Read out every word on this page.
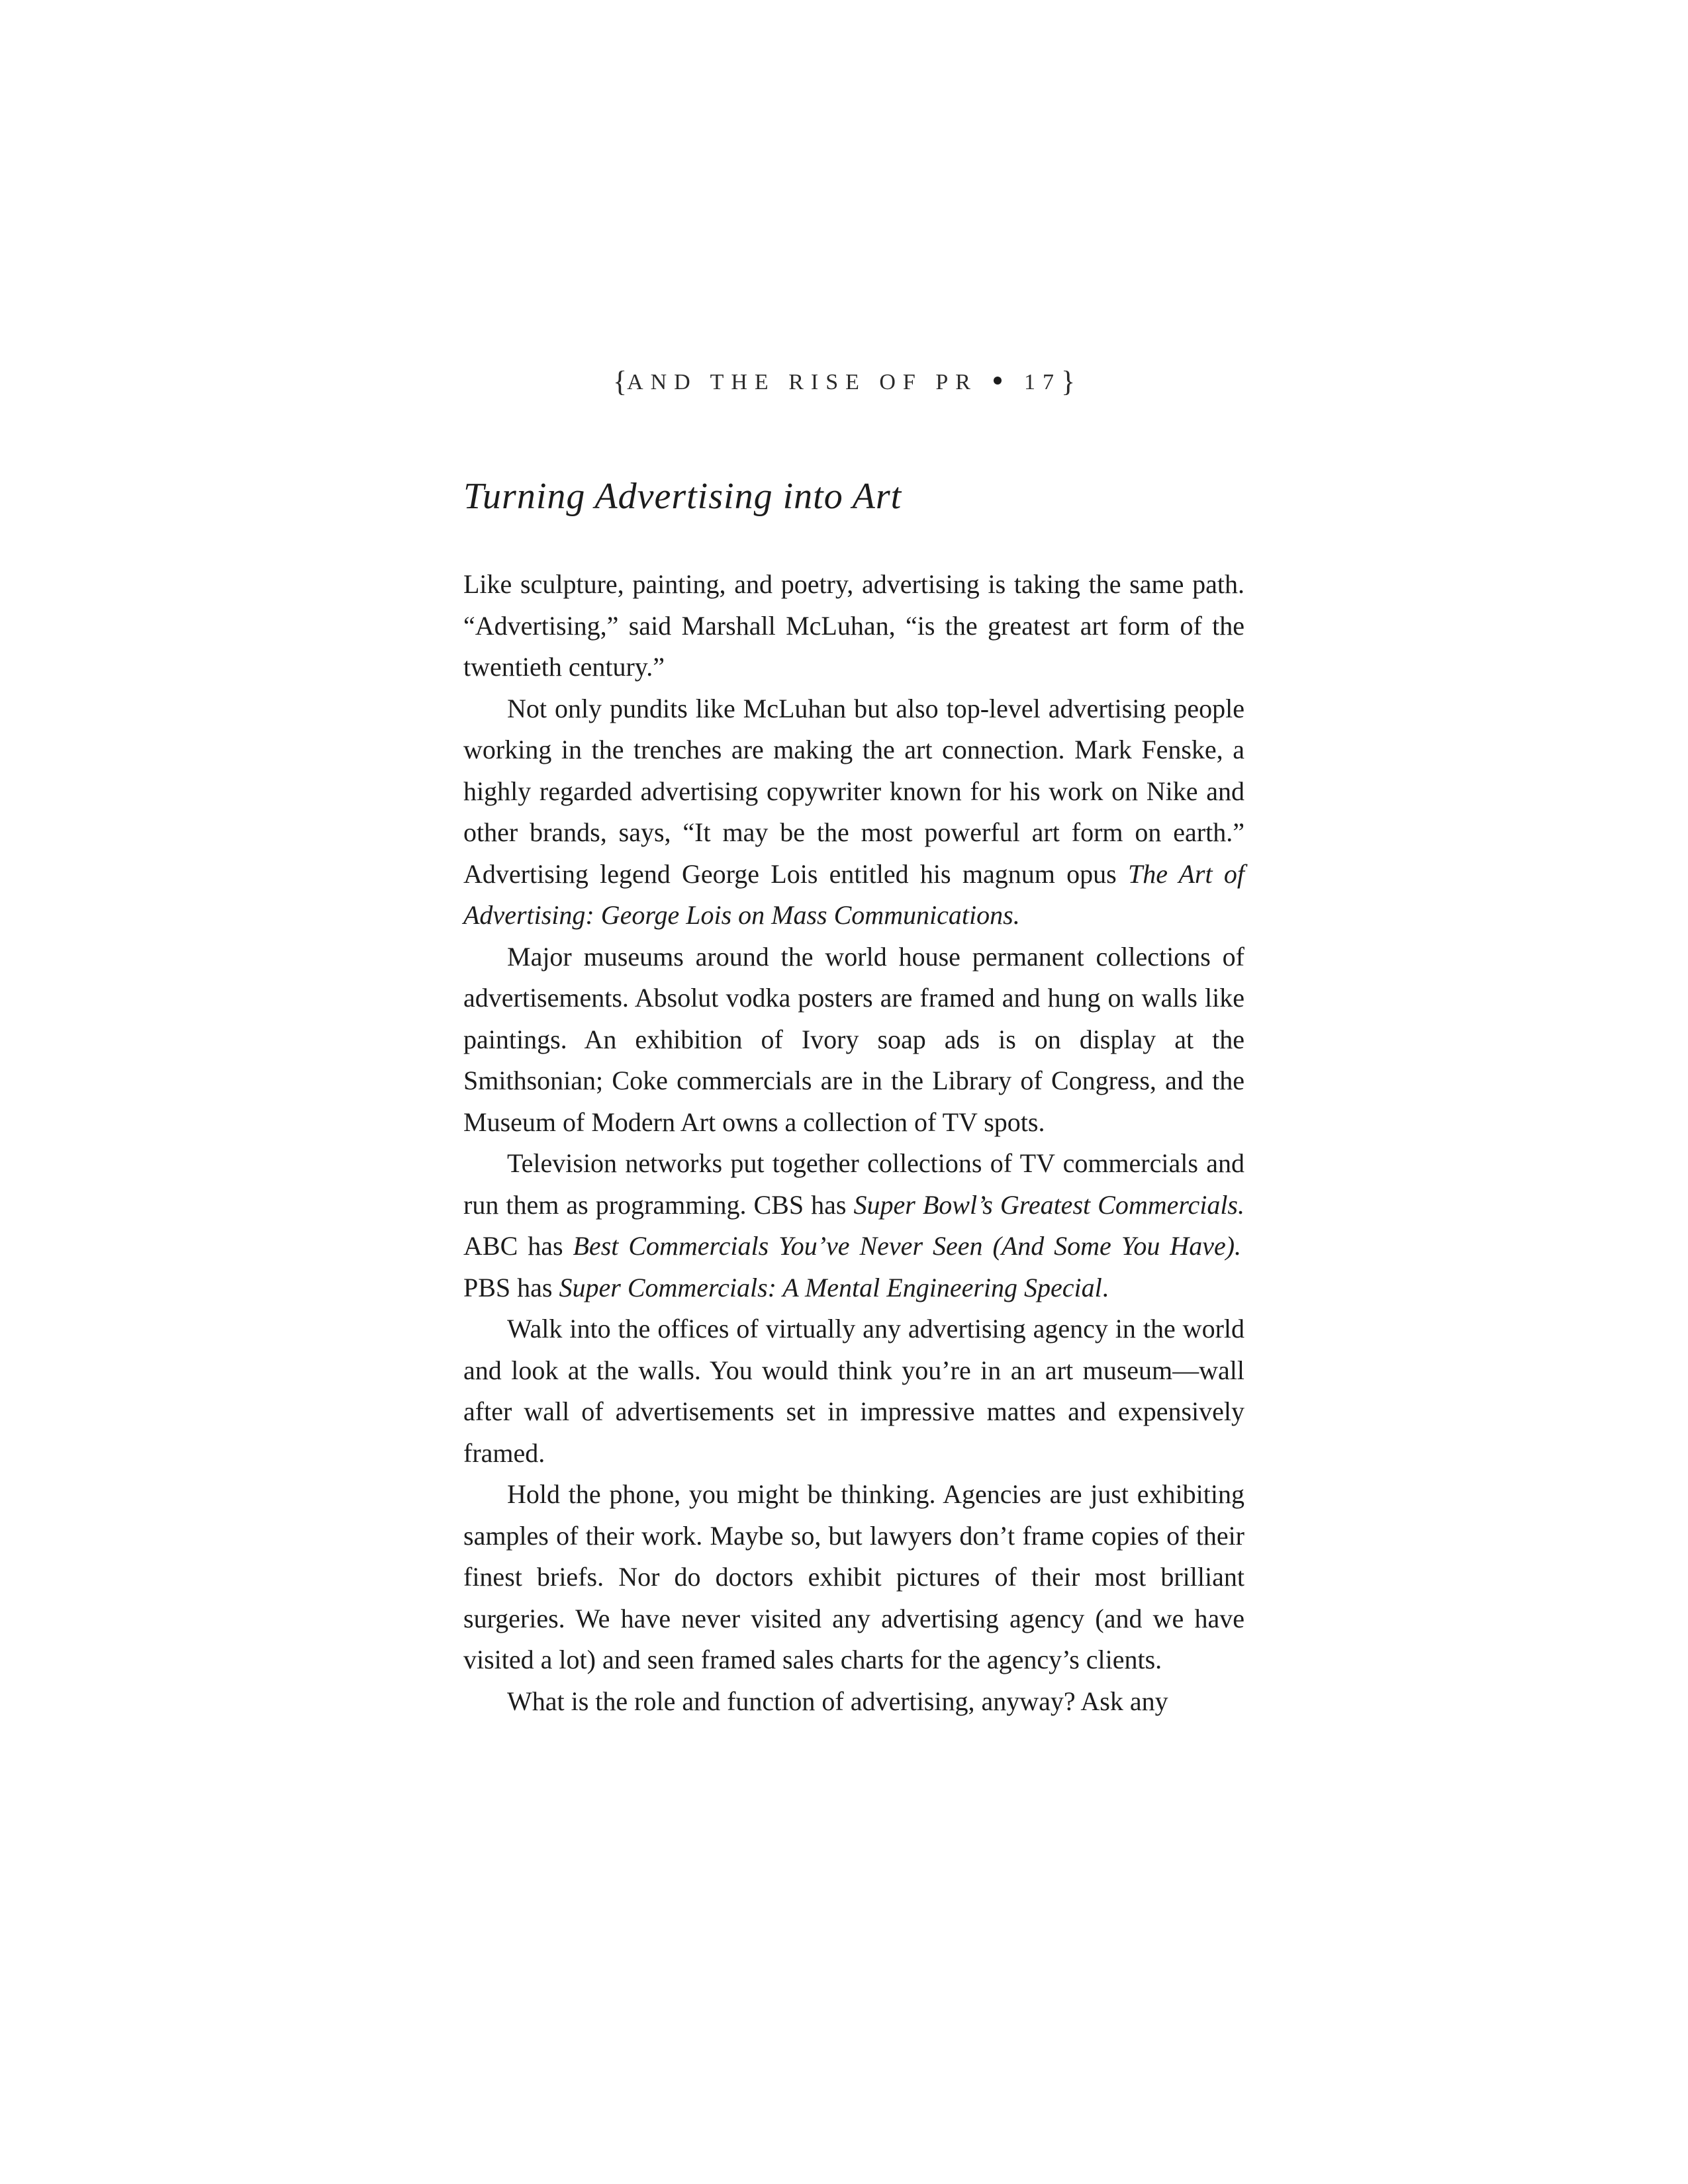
{AND THE RISE OF PR 17}
Turning Advertising into Art

Like sculpture, painting, and poetry, advertising is taking the same path. “Advertising,” said Marshall McLuhan, “is the greatest art form of the twentieth century.”

Not only pundits like McLuhan but also top-level advertising people working in the trenches are making the art connection. Mark Fenske, a highly regarded advertising copywriter known for his work on Nike and other brands, says, “It may be the most powerful art form on earth.” Advertising legend George Lois entitled his magnum opus The Art of Advertising: George Lois on Mass Communications.

Major museums around the world house permanent collections of advertisements. Absolut vodka posters are framed and hung on walls like paintings. An exhibition of Ivory soap ads is on display at the Smithsonian; Coke commercials are in the Library of Congress, and the Museum of Modern Art owns a collection of TV spots.

Television networks put together collections of TV commercials and run them as programming. CBS has Super Bowl’s Greatest Commercials. ABC has Best Commercials You’ve Never Seen (And Some You Have). PBS has Super Commercials: A Mental Engineering Special.

Walk into the offices of virtually any advertising agency in the world and look at the walls. You would think you’re in an art museum—wall after wall of advertisements set in impressive mattes and expensively framed.

Hold the phone, you might be thinking. Agencies are just exhibiting samples of their work. Maybe so, but lawyers don’t frame copies of their finest briefs. Nor do doctors exhibit pictures of their most brilliant surgeries. We have never visited any advertising agency (and we have visited a lot) and seen framed sales charts for the agency’s clients.

What is the role and function of advertising, anyway? Ask any
